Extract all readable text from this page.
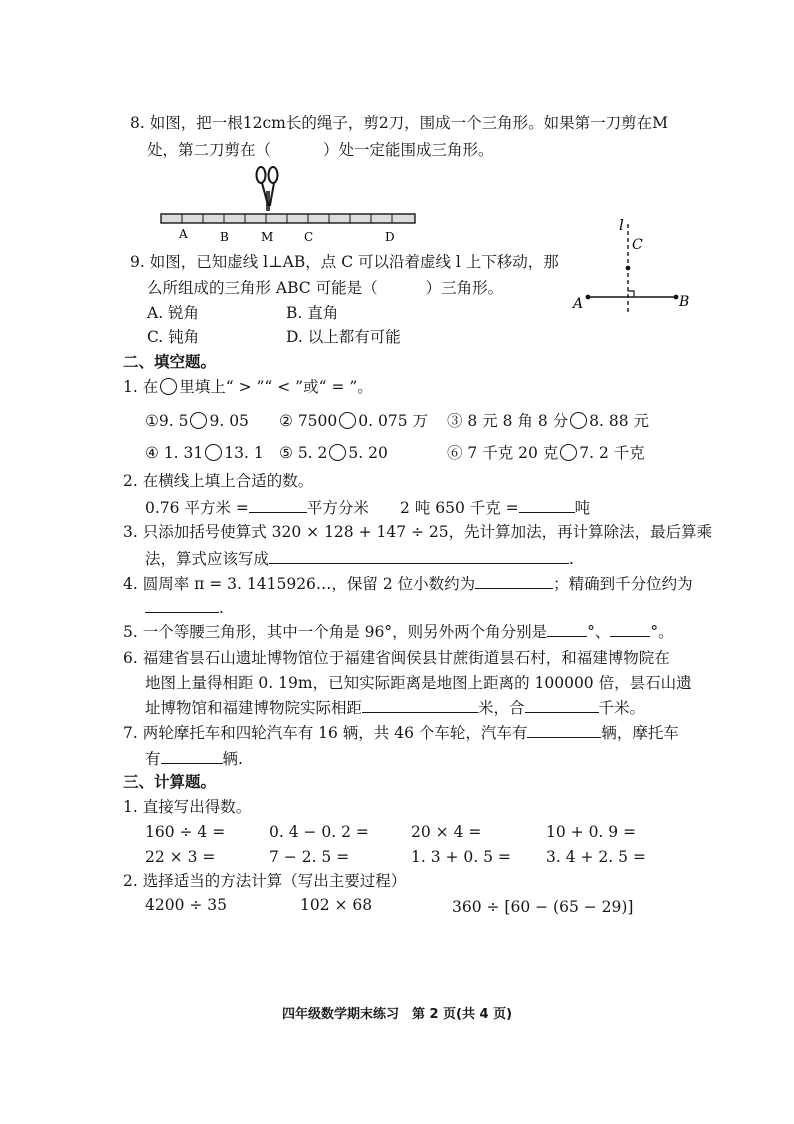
8. 如图，把一根12cm长的绳子，剪2刀，围成一个三角形。如果第一刀剪在M
处，第二刀剪在（	）处一定能围成三角形。
A	B	M	C	D
l
C
A	B
9. 如图，已知虚线 l⊥AB，点 C 可以沿着虚线 l 上下移动，那
么所组成的三角形 ABC 可能是（	）三角形。
A. 锐角	B. 直角
C. 钝角	D. 以上都有可能
二、填空题。
1. 在 里填上“ > ”“ < ”或“ = ”。
①9. 5 9. 05 ② 7500 0. 075 万 ③ 8 元 8 角 8 分 8. 88 元
④ 1. 31 13. 1 ⑤ 5. 2 5. 20	⑥ 7 千克 20 克 7. 2 千克
2. 在横线上填上合适的数。
0.76 平方米 =	平方分米 2 吨 650 千克 =	吨
3. 只添加括号使算式 320 × 128 + 147 ÷ 25，先计算加法，再计算除法，最后算乘
法，算式应该写成	.
4. 圆周率 π = 3. 1415926…，保留 2 位小数约为	；精确到千分位约为
.
5. 一个等腰三角形，其中一个角是 96°，则另外两个角分别是	°、	°。
6. 福建省昙石山遗址博物馆位于福建省闽侯县甘蔗街道昙石村，和福建博物院在
地图上量得相距 0. 19m，已知实际距离是地图上距离的 100000 倍，昙石山遗
址博物馆和福建博物院实际相距	米，合	千米。
7. 两轮摩托车和四轮汽车有 16 辆，共 46 个车轮，汽车有	辆，摩托车
有	辆.
三、计算题。
1. 直接写出得数。
160 ÷ 4 =	0. 4 − 0. 2 =	20 × 4 =	10 + 0. 9 =
22 × 3 =	7 − 2. 5 =	1. 3 + 0. 5 = 3. 4 + 2. 5 =
2. 选择适当的方法计算（写出主要过程）
4200 ÷ 35	102 × 68	360 ÷ [60 − (65 − 29)]
四年级数学期末练习　第 2 页(共 4 页)
